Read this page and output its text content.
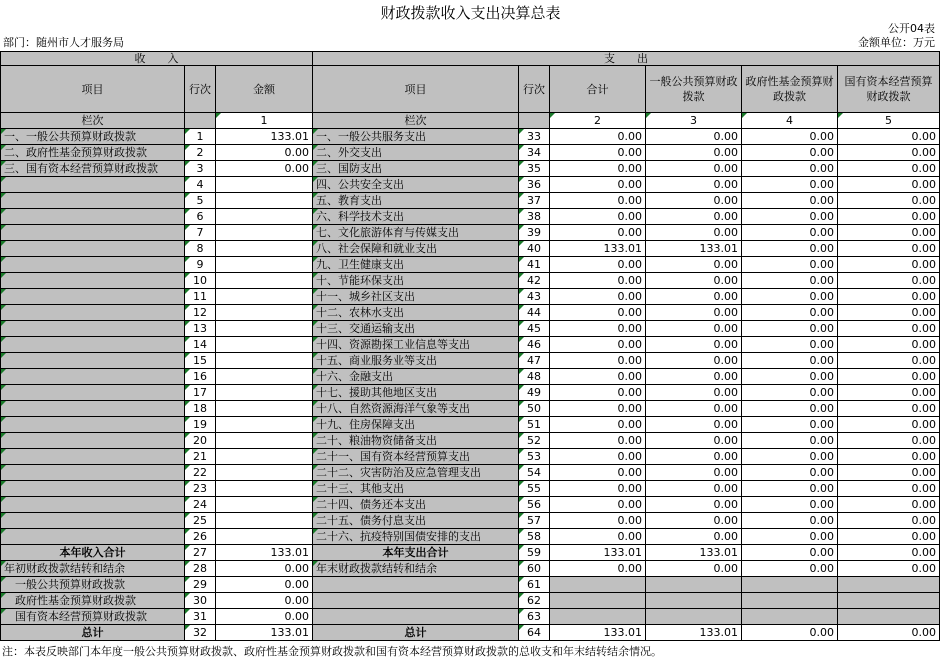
财政拨款收入支出决算总表
公开04表
部门：随州市人才服务局	金额单位：万元
收　　入			支　　出					
项目	行次	金额	项目	行次	合计	一般公共预算财政拨款	政府性基金预算财政拨款	国有资本经营预算财政拨款
栏次		1	栏次		2	3	4	5
一、一般公共预算财政拨款	1	133.01	一、一般公共服务支出	33	0.00	0.00	0.00	0.00
二、政府性基金预算财政拨款	2	0.00	二、外交支出	34	0.00	0.00	0.00	0.00
三、国有资本经营预算财政拨款	3	0.00	三、国防支出	35	0.00	0.00	0.00	0.00
	4		四、公共安全支出	36	0.00	0.00	0.00	0.00
	5		五、教育支出	37	0.00	0.00	0.00	0.00
	6		六、科学技术支出	38	0.00	0.00	0.00	0.00
	7		七、文化旅游体育与传媒支出	39	0.00	0.00	0.00	0.00
	8		八、社会保障和就业支出	40	133.01	133.01	0.00	0.00
	9		九、卫生健康支出	41	0.00	0.00	0.00	0.00
	10		十、节能环保支出	42	0.00	0.00	0.00	0.00
	11		十一、城乡社区支出	43	0.00	0.00	0.00	0.00
	12		十二、农林水支出	44	0.00	0.00	0.00	0.00
	13		十三、交通运输支出	45	0.00	0.00	0.00	0.00
	14		十四、资源勘探工业信息等支出	46	0.00	0.00	0.00	0.00
	15		十五、商业服务业等支出	47	0.00	0.00	0.00	0.00
	16		十六、金融支出	48	0.00	0.00	0.00	0.00
	17		十七、援助其他地区支出	49	0.00	0.00	0.00	0.00
	18		十八、自然资源海洋气象等支出	50	0.00	0.00	0.00	0.00
	19		十九、住房保障支出	51	0.00	0.00	0.00	0.00
	20		二十、粮油物资储备支出	52	0.00	0.00	0.00	0.00
	21		二十一、国有资本经营预算支出	53	0.00	0.00	0.00	0.00
	22		二十二、灾害防治及应急管理支出	54	0.00	0.00	0.00	0.00
	23		二十三、其他支出	55	0.00	0.00	0.00	0.00
	24		二十四、债务还本支出	56	0.00	0.00	0.00	0.00
	25		二十五、债务付息支出	57	0.00	0.00	0.00	0.00
	26		二十六、抗疫特别国债安排的支出	58	0.00	0.00	0.00	0.00
本年收入合计	27	133.01	本年支出合计	59	133.01	133.01	0.00	0.00
年初财政拨款结转和结余	28	0.00	年末财政拨款结转和结余	60	0.00	0.00	0.00	0.00
一般公共预算财政拨款	29	0.00		61				
政府性基金预算财政拨款	30	0.00		62				
国有资本经营预算财政拨款	31	0.00		63				
总计	32	133.01	总计	64	133.01	133.01	0.00	0.00
注：本表反映部门本年度一般公共预算财政拨款、政府性基金预算财政拨款和国有资本经营预算财政拨款的总收支和年末结转结余情况。
